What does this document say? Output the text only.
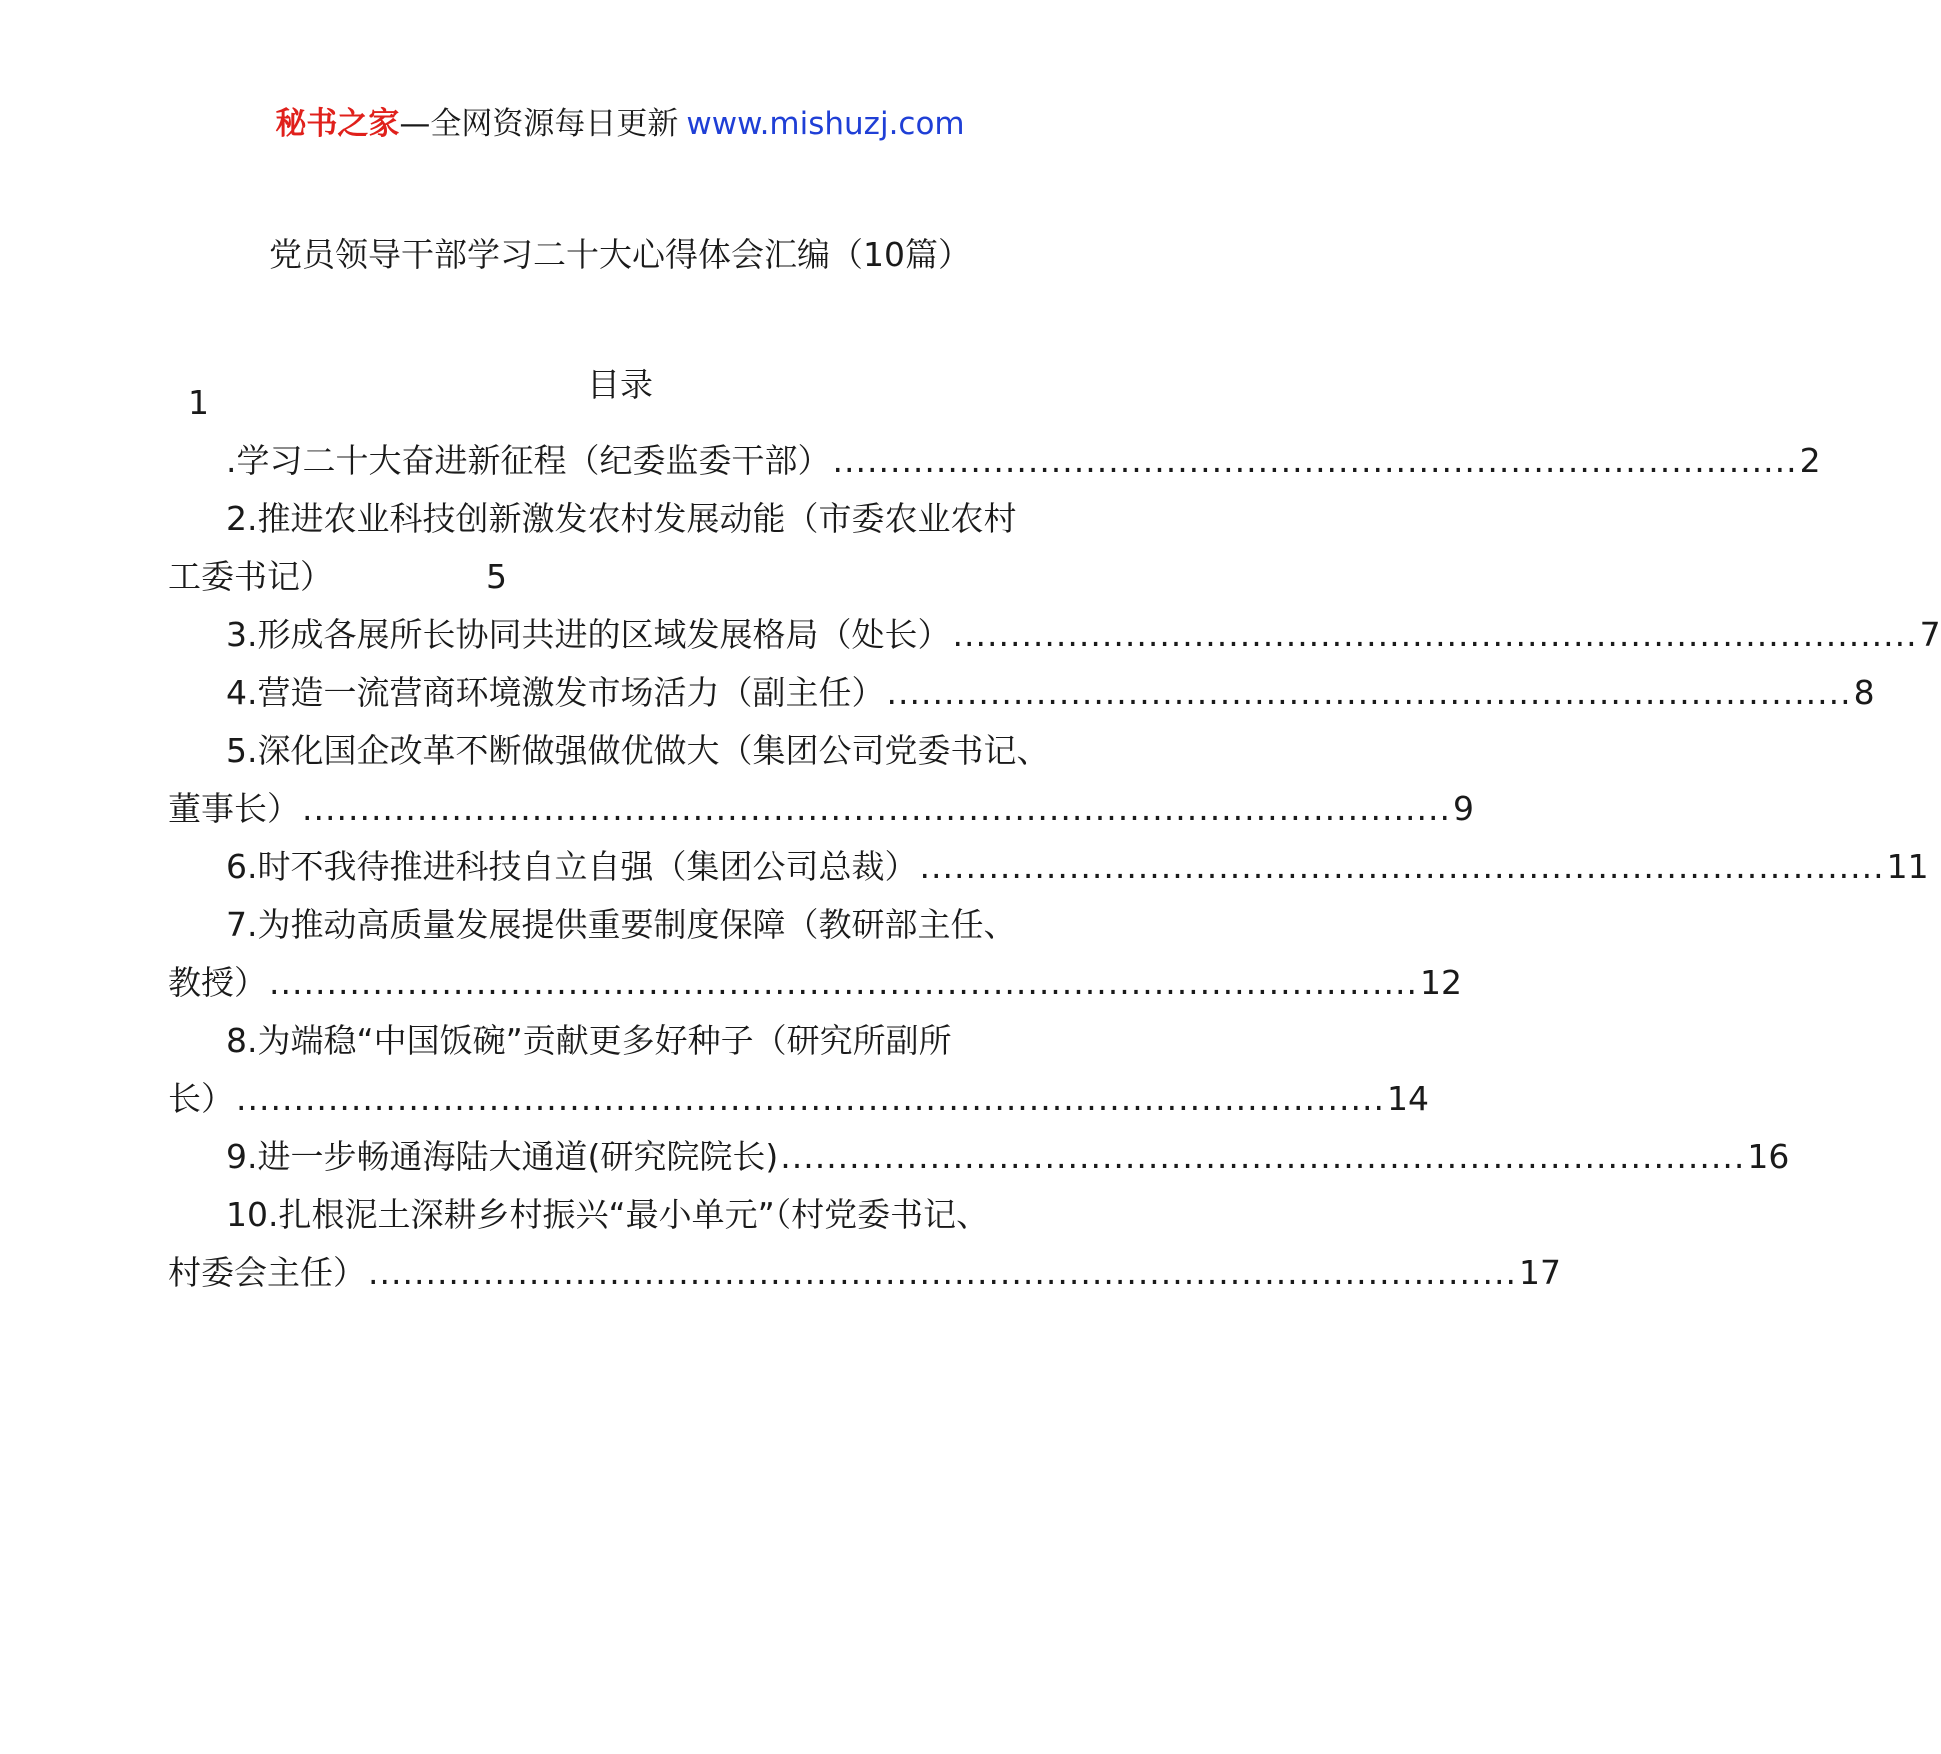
秘书之家—全网资源每日更新 www.mishuzj.com
党员领导干部学习二十大心得体会汇编（10篇）
目录
1
.学习二十大奋进新征程（纪委监委干部） .................................................................................... 2
2.推进农业科技创新激发农村发展动能（市委农业农村
工委书记）	5
3.形成各展所长协同共进的区域发展格局（处长） .................................................................................... 7
4.营造一流营商环境激发市场活力（副主任） .................................................................................... 8
5.深化国企改革不断做强做优做大（集团公司党委书记、
董事长） .................................................................................................... 9
6.时不我待推进科技自立自强（集团公司总裁） .................................................................................... 11
7.为推动高质量发展提供重要制度保障（教研部主任、
教授） .................................................................................................... 12
8.为端稳“中国饭碗”贡献更多好种子（研究所副所
长） .................................................................................................... 14
9.进一步畅通海陆大通道(研究院院长) .................................................................................... 16
10.扎根泥土深耕乡村振兴“最小单元”（村党委书记、
村委会主任） .................................................................................................... 17
